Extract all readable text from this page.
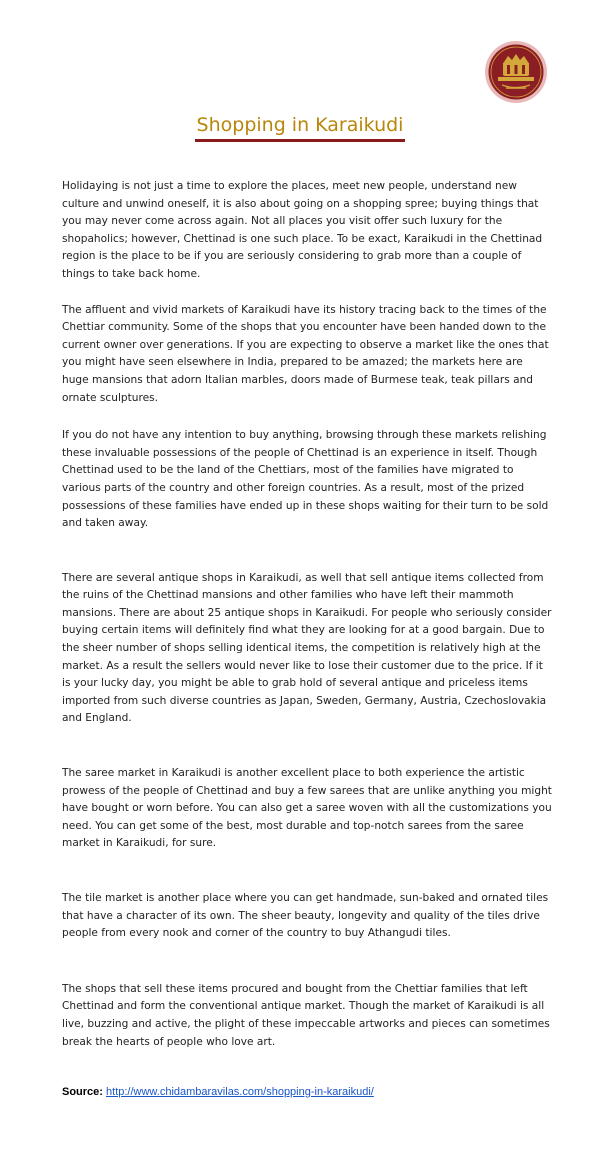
Shopping in Karaikudi

Holidaying is not just a time to explore the places, meet new people, understand new culture and unwind oneself, it is also about going on a shopping spree; buying things that you may never come across again. Not all places you visit offer such luxury for the shopaholics; however, Chettinad is one such place. To be exact, Karaikudi in the Chettinad region is the place to be if you are seriously considering to grab more than a couple of things to take back home.

The affluent and vivid markets of Karaikudi have its history tracing back to the times of the Chettiar community. Some of the shops that you encounter have been handed down to the current owner over generations. If you are expecting to observe a market like the ones that you might have seen elsewhere in India, prepared to be amazed; the markets here are huge mansions that adorn Italian marbles, doors made of Burmese teak, teak pillars and ornate sculptures.

If you do not have any intention to buy anything, browsing through these markets relishing these invaluable possessions of the people of Chettinad is an experience in itself. Though Chettinad used to be the land of the Chettiars, most of the families have migrated to various parts of the country and other foreign countries. As a result, most of the prized possessions of these families have ended up in these shops waiting for their turn to be sold and taken away.

There are several antique shops in Karaikudi, as well that sell antique items collected from the ruins of the Chettinad mansions and other families who have left their mammoth mansions. There are about 25 antique shops in Karaikudi. For people who seriously consider buying certain items will definitely find what they are looking for at a good bargain. Due to the sheer number of shops selling identical items, the competition is relatively high at the market. As a result the sellers would never like to lose their customer due to the price. If it is your lucky day, you might be able to grab hold of several antique and priceless items imported from such diverse countries as Japan, Sweden, Germany, Austria, Czechoslovakia and England.

The saree market in Karaikudi is another excellent place to both experience the artistic prowess of the people of Chettinad and buy a few sarees that are unlike anything you might have bought or worn before. You can also get a saree woven with all the customizations you need. You can get some of the best, most durable and top-notch sarees from the saree market in Karaikudi, for sure.

The tile market is another place where you can get handmade, sun-baked and ornated tiles that have a character of its own. The sheer beauty, longevity and quality of the tiles drive people from every nook and corner of the country to buy Athangudi tiles.

The shops that sell these items procured and bought from the Chettiar families that left Chettinad and form the conventional antique market. Though the market of Karaikudi is all live, buzzing and active, the plight of these impeccable artworks and pieces can sometimes break the hearts of people who love art.

Source: http://www.chidambaravilas.com/shopping-in-karaikudi/
